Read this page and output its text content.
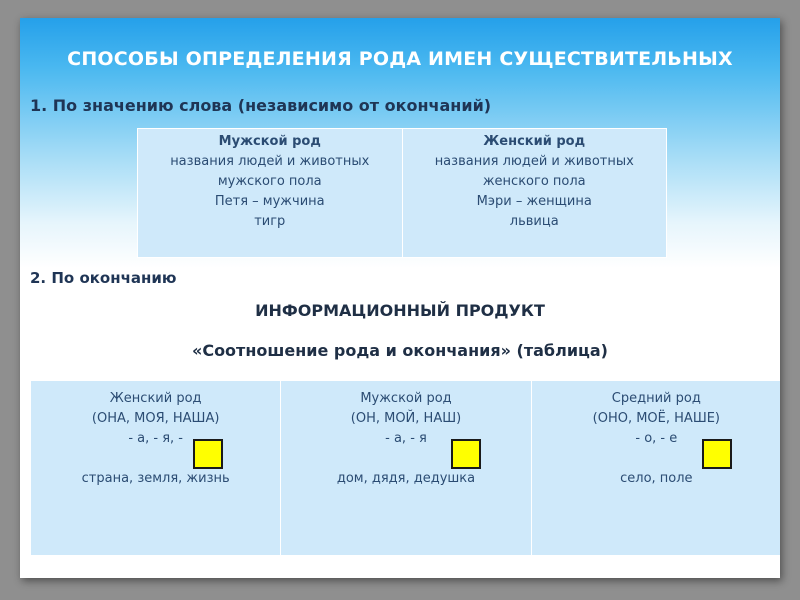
СПОСОБЫ ОПРЕДЕЛЕНИЯ РОДА ИМЕН СУЩЕСТВИТЕЛЬНЫХ
1. По значению слова (независимо от окончаний)
Мужской род
названия людей и животных
мужского пола
Петя – мужчина
тигр

Женский род
названия людей и животных
женского пола
Мэри – женщина
львица
2. По окончанию
ИНФОРМАЦИОННЫЙ ПРОДУКТ
«Соотношение рода и окончания» (таблица)
Женский род
(ОНА, МОЯ, НАША)
- а, - я, -
страна, земля, жизнь

Мужской род
(ОН, МОЙ, НАШ)
- а, - я
дом, дядя, дедушка

Средний род
(ОНО, МОЁ, НАШЕ)
- о, - е
село, поле
